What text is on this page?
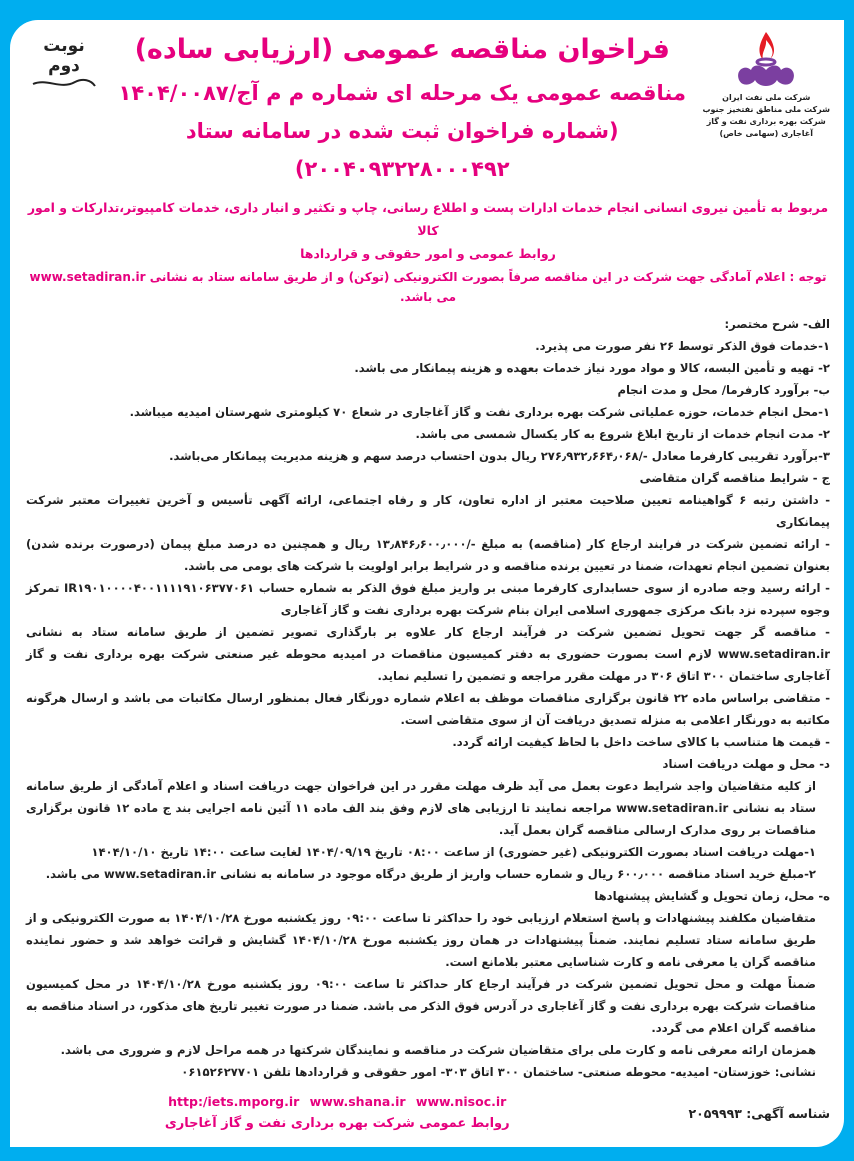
شرکت ملی نفت ایران
شرکت ملی مناطق نفتخیز جنوب
شرکت بهره برداری نفت و گاز
آغاجاری (سهامی خاص)
فراخوان مناقصه عمومی (ارزیابی ساده)
مناقصه عمومی یک مرحله ای شماره م م آج/۱۴۰۴/۰۰۸۷ (شماره فراخوان ثبت شده در سامانه ستاد ۲۰۰۴۰۹۳۲۲۸۰۰۰۴۹۲)
نوبت دوم
مربوط به تأمین نیروی انسانی انجام خدمات ادارات پست و اطلاع رسانی، چاپ و تکثیر و انبار داری، خدمات کامپیوتر،تدارکات و امور کالا
روابط عمومی و امور حقوقی و قراردادها
توجه : اعلام آمادگی جهت شرکت در این مناقصه صرفاً بصورت الکترونیکی (توکن) و از طریق سامانه ستاد به نشانی www.setadiran.ir می باشد.

الف- شرح مختصر:

۱-خدمات فوق الذکر توسط ۲۶ نفر صورت می پذیرد.

۲- تهیه و تأمین البسه، کالا و مواد مورد نیاز خدمات بعهده و هزینه پیمانکار می باشد.

ب- برآورد کارفرما/ محل و مدت انجام

۱-محل انجام خدمات، حوزه عملیاتی شرکت بهره برداری نفت و گاز آغاجاری در شعاع ۷۰ کیلومتری شهرستان امیدیه میباشد.

۲- مدت انجام خدمات از تاریخ ابلاغ شروع به کار یکسال شمسی می باشد.

۳-برآورد تقریبی کارفرما معادل -/۲۷۶٫۹۳۲٫۶۶۴٫۰۶۸ ریال بدون احتساب درصد سهم و هزینه مدیریت پیمانکار می‌باشد.

ج - شرایط مناقصه گران متقاضی

- داشتن رتبه ۶ گواهینامه تعیین صلاحیت معتبر از اداره تعاون، کار و رفاه اجتماعی، ارائه آگهی تأسیس و آخرین تغییرات معتبر شرکت پیمانکاری

- ارائه تضمین شرکت در فرایند ارجاع کار (مناقصه) به مبلغ -/۱۳٫۸۴۶٫۶۰۰٫۰۰۰ ریال و همچنین ده درصد مبلغ پیمان (درصورت برنده شدن) بعنوان تضمین انجام تعهدات، ضمنا در تعیین برنده مناقصه و در شرایط برابر اولویت با شرکت های بومی می باشد.

- ارائه رسید وجه صادره از سوی حسابداری کارفرما مبنی بر واریز مبلغ فوق الذکر به شماره حساب IR۱۹۰۱۰۰۰۰۴۰۰۱۱۱۱۹۱۰۶۳۷۷۰۶۱ تمرکز وجوه سپرده نزد بانک مرکزی جمهوری اسلامی ایران بنام شرکت بهره برداری نفت و گاز آغاجاری

- مناقصه گر جهت تحویل تضمین شرکت در فرآیند ارجاع کار علاوه بر بارگذاری تصویر تضمین از طریق سامانه ستاد به نشانی www.setadiran.ir لازم است بصورت حضوری به دفتر کمیسیون مناقصات در امیدیه محوطه غیر صنعتی شرکت بهره برداری نفت و گاز آغاجاری ساختمان ۳۰۰ اتاق ۳۰۶ در مهلت مقرر مراجعه و تضمین را تسلیم نماید.

- متقاضی براساس ماده ۲۲ قانون برگزاری مناقصات موظف به اعلام شماره دورنگار فعال بمنظور ارسال مکاتبات می باشد و ارسال هرگونه مکاتبه به دورنگار اعلامی به منزله تصدیق دریافت آن از سوی متقاضی است.

- قیمت ها متناسب با کالای ساخت داخل با لحاظ کیفیت ارائه گردد.

د- محل و مهلت دریافت اسناد

از کلیه متقاضیان واجد شرایط دعوت بعمل می آید ظرف مهلت مقرر در این فراخوان جهت دریافت اسناد و اعلام آمادگی از طریق سامانه ستاد به نشانی www.setadiran.ir مراجعه نمایند تا ارزیابی های لازم وفق بند الف ماده ۱۱ آئین نامه اجرایی بند ج ماده ۱۲ قانون برگزاری مناقصات بر روی مدارک ارسالی مناقصه گران بعمل آید.

۱-مهلت دریافت اسناد بصورت الکترونیکی (غیر حضوری) از ساعت ۰۸:۰۰ تاریخ ۱۴۰۴/۰۹/۱۹ لغایت ساعت ۱۴:۰۰ تاریخ ۱۴۰۴/۱۰/۱۰

۲-مبلغ خرید اسناد مناقصه ۶۰۰٫۰۰۰ ریال و شماره حساب واریز از طریق درگاه موجود در سامانه به نشانی www.setadiran.ir می باشد.

ه- محل، زمان تحویل و گشایش پیشنهادها

متقاضیان مکلفند پیشنهادات و پاسخ استعلام ارزیابی خود را حداکثر تا ساعت ۰۹:۰۰ روز یکشنبه مورخ ۱۴۰۴/۱۰/۲۸ به صورت الکترونیکی و از طریق سامانه ستاد تسلیم نمایند. ضمناً پیشنهادات در همان روز یکشنبه مورخ ۱۴۰۴/۱۰/۲۸ گشایش و قرائت خواهد شد و حضور نماینده مناقصه گران یا معرفی نامه و کارت شناسایی معتبر بلامانع است.

ضمناً مهلت و محل تحویل تضمین شرکت در فرآیند ارجاع کار حداکثر تا ساعت ۰۹:۰۰ روز یکشنبه مورخ ۱۴۰۴/۱۰/۲۸ در محل کمیسیون مناقصات شرکت بهره برداری نفت و گاز آغاجاری در آدرس فوق الذکر می باشد. ضمنا در صورت تغییر تاریخ های مذکور، در اسناد مناقصه به مناقصه گران اعلام می گردد.

همزمان ارائه معرفی نامه و کارت ملی برای متقاضیان شرکت در مناقصه و نمایندگان شرکتها در همه مراحل لازم و ضروری می باشد.

نشانی: خوزستان- امیدیه- محوطه صنعتی- ساختمان ۳۰۰ اتاق ۳۰۳- امور حقوقی و قراردادها تلفن ۰۶۱۵۲۶۲۷۷۰۱

شناسه آگهی: ۲۰۵۹۹۹۳
http:/iets.mporg.ir www.shana.ir www.nisoc.ir
روابط عمومی شرکت بهره برداری نفت و گاز آغاجاری
